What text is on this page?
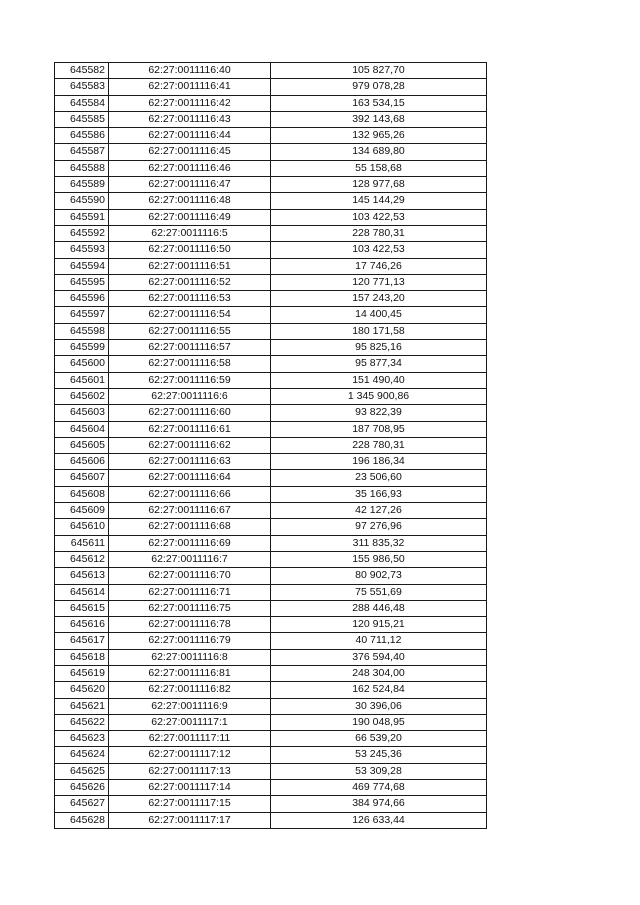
645582	62:27:0011116:40	105 827,70
645583	62:27:0011116:41	979 078,28
645584	62:27:0011116:42	163 534,15
645585	62:27:0011116:43	392 143,68
645586	62:27:0011116:44	132 965,26
645587	62:27:0011116:45	134 689,80
645588	62:27:0011116:46	55 158,68
645589	62:27:0011116:47	128 977,68
645590	62:27:0011116:48	145 144,29
645591	62:27:0011116:49	103 422,53
645592	62:27:0011116:5	228 780,31
645593	62:27:0011116:50	103 422,53
645594	62:27:0011116:51	17 746,26
645595	62:27:0011116:52	120 771,13
645596	62:27:0011116:53	157 243,20
645597	62:27:0011116:54	14 400,45
645598	62:27:0011116:55	180 171,58
645599	62:27:0011116:57	95 825,16
645600	62:27:0011116:58	95 877,34
645601	62:27:0011116:59	151 490,40
645602	62:27:0011116:6	1 345 900,86
645603	62:27:0011116:60	93 822,39
645604	62:27:0011116:61	187 708,95
645605	62:27:0011116:62	228 780,31
645606	62:27:0011116:63	196 186,34
645607	62:27:0011116:64	23 506,60
645608	62:27:0011116:66	35 166,93
645609	62:27:0011116:67	42 127,26
645610	62:27:0011116:68	97 276,96
645611	62:27:0011116:69	311 835,32
645612	62:27:0011116:7	155 986,50
645613	62:27:0011116:70	80 902,73
645614	62:27:0011116:71	75 551,69
645615	62:27:0011116:75	288 446,48
645616	62:27:0011116:78	120 915,21
645617	62:27:0011116:79	40 711,12
645618	62:27:0011116:8	376 594,40
645619	62:27:0011116:81	248 304,00
645620	62:27:0011116:82	162 524,84
645621	62:27:0011116:9	30 396,06
645622	62:27:0011117:1	190 048,95
645623	62:27:0011117:11	66 539,20
645624	62:27:0011117:12	53 245,36
645625	62:27:0011117:13	53 309,28
645626	62:27:0011117:14	469 774,68
645627	62:27:0011117:15	384 974,66
645628	62:27:0011117:17	126 633,44
